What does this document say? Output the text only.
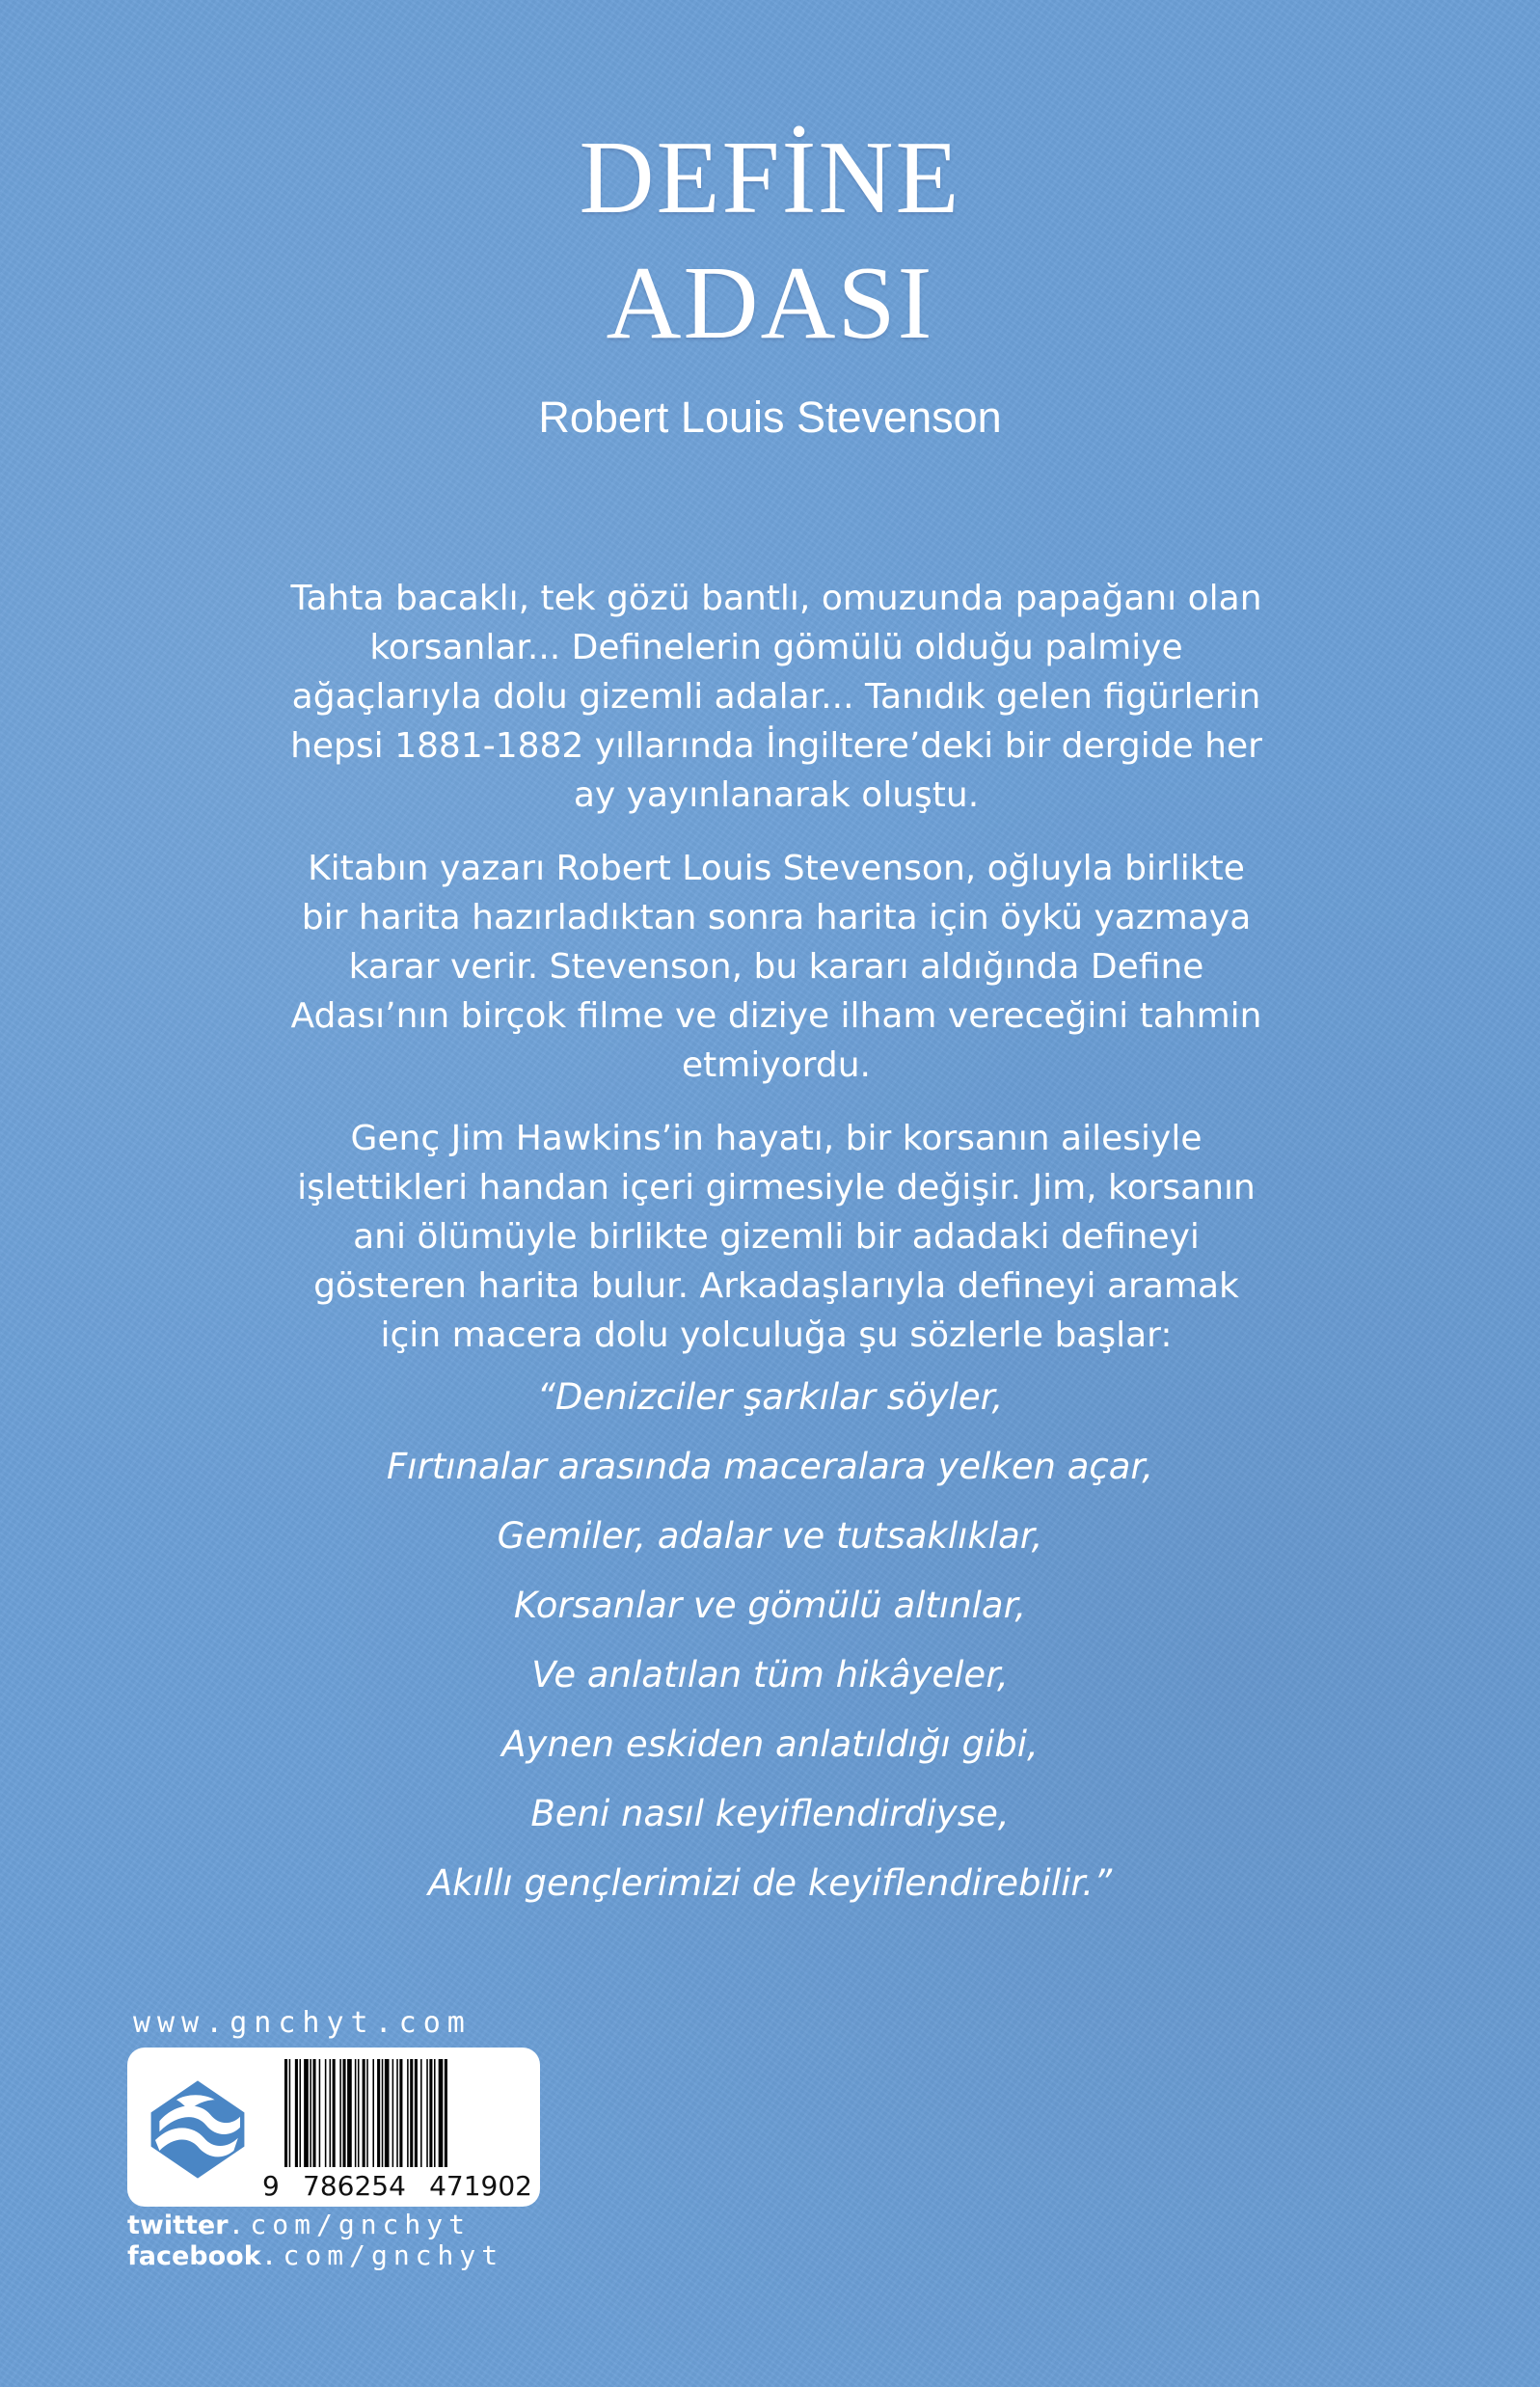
DEFİNE
ADASI
Robert Louis Stevenson

Tahta bacaklı, tek gözü bantlı, omuzunda papağanı olan
korsanlar... Definelerin gömülü olduğu palmiye
ağaçlarıyla dolu gizemli adalar... Tanıdık gelen figürlerin
hepsi 1881-1882 yıllarında İngiltere’deki bir dergide her
ay yayınlanarak oluştu.

Kitabın yazarı Robert Louis Stevenson, oğluyla birlikte
bir harita hazırladıktan sonra harita için öykü yazmaya
karar verir. Stevenson, bu kararı aldığında Define
Adası’nın birçok filme ve diziye ilham vereceğini tahmin
etmiyordu.

Genç Jim Hawkins’in hayatı, bir korsanın ailesiyle
işlettikleri handan içeri girmesiyle değişir. Jim, korsanın
ani ölümüyle birlikte gizemli bir adadaki defineyi
gösteren harita bulur. Arkadaşlarıyla defineyi aramak
için macera dolu yolculuğa şu sözlerle başlar:

“Denizciler şarkılar söyler,
Fırtınalar arasında maceralara yelken açar,
Gemiler, adalar ve tutsaklıklar,
Korsanlar ve gömülü altınlar,
Ve anlatılan tüm hikâyeler,
Aynen eskiden anlatıldığı gibi,
Beni nasıl keyiflendirdiyse,
Akıllı gençlerimizi de keyiflendirebilir.”
www.gnchyt.com
9 786254 471902
twitter.com/gnchyt
facebook.com/gnchyt
